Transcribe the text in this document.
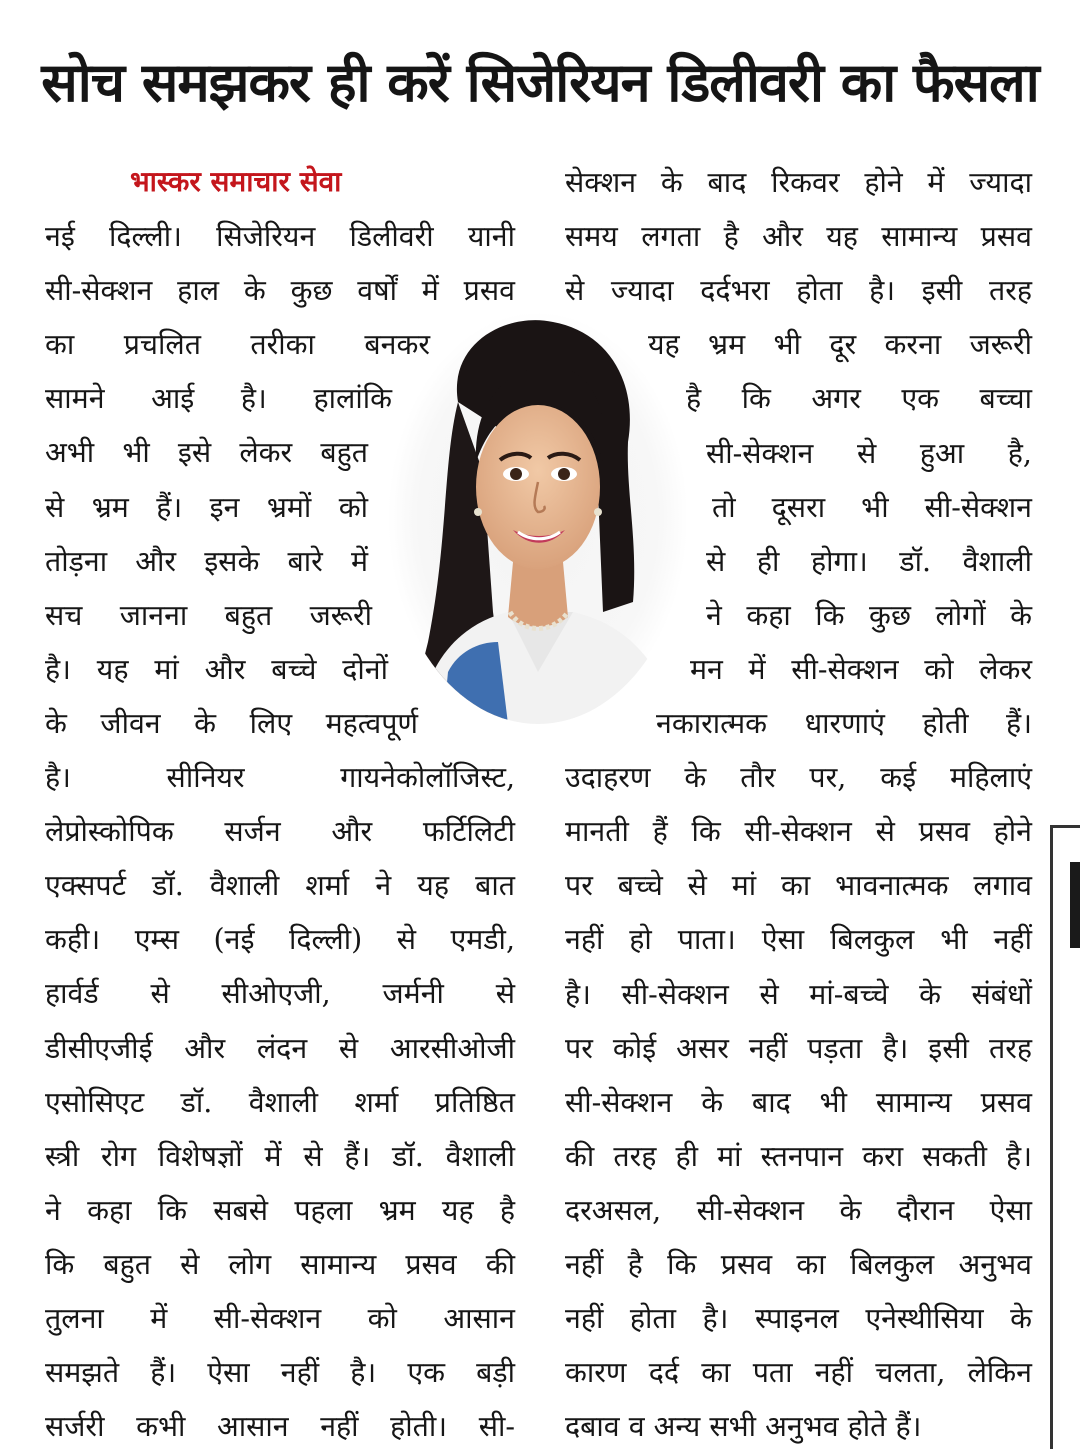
सोच समझकर ही करें सिजेरियन डिलीवरी का फैसला
भास्कर समाचार सेवा
नई दिल्ली। सिजेरियन डिलीवरी यानी
सी-सेक्शन हाल के कुछ वर्षों में प्रसव
का प्रचलित तरीका बनकर
सामने आई है। हालांकि
अभी भी इसे लेकर बहुत
से भ्रम हैं। इन भ्रमों को
तोड़ना और इसके बारे में
सच जानना बहुत जरूरी
है। यह मां और बच्चे दोनों
के जीवन के लिए महत्वपूर्ण
है। सीनियर गायनेकोलॉजिस्ट,
लेप्रोस्कोपिक सर्जन और फर्टिलिटी
एक्सपर्ट डॉ. वैशाली शर्मा ने यह बात
कही। एम्स (नई दिल्ली) से एमडी,
हार्वर्ड से सीओएजी, जर्मनी से
डीसीएजीई और लंदन से आरसीओजी
एसोसिएट डॉ. वैशाली शर्मा प्रतिष्ठित
स्त्री रोग विशेषज्ञों में से हैं। डॉ. वैशाली
ने कहा कि सबसे पहला भ्रम यह है
कि बहुत से लोग सामान्य प्रसव की
तुलना में सी-सेक्शन को आसान
समझते हैं। ऐसा नहीं है। एक बड़ी
सर्जरी कभी आसान नहीं होती। सी-
सेक्शन के बाद रिकवर होने में ज्यादा
समय लगता है और यह सामान्य प्रसव
से ज्यादा दर्दभरा होता है। इसी तरह
यह भ्रम भी दूर करना जरूरी
है कि अगर एक बच्चा
सी-सेक्शन से हुआ है,
तो दूसरा भी सी-सेक्शन
से ही होगा। डॉ. वैशाली
ने कहा कि कुछ लोगों के
मन में सी-सेक्शन को लेकर
नकारात्मक धारणाएं होती हैं।
उदाहरण के तौर पर, कई महिलाएं
मानती हैं कि सी-सेक्शन से प्रसव होने
पर बच्चे से मां का भावनात्मक लगाव
नहीं हो पाता। ऐसा बिलकुल भी नहीं
है। सी-सेक्शन से मां-बच्चे के संबंधों
पर कोई असर नहीं पड़ता है। इसी तरह
सी-सेक्शन के बाद भी सामान्य प्रसव
की तरह ही मां स्तनपान करा सकती है।
दरअसल, सी-सेक्शन के दौरान ऐसा
नहीं है कि प्रसव का बिलकुल अनुभव
नहीं होता है। स्पाइनल एनेस्थीसिया के
कारण दर्द का पता नहीं चलता, लेकिन
दबाव व अन्य सभी अनुभव होते हैं।
